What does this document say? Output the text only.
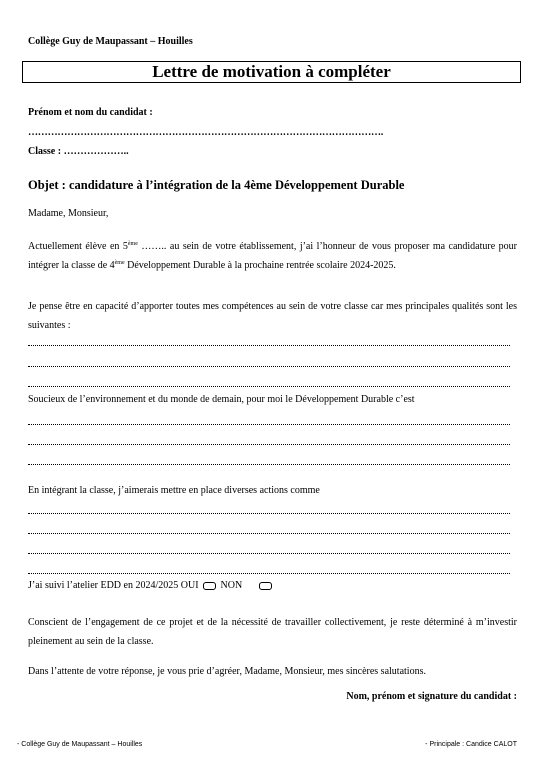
Collège Guy de Maupassant – Houilles
Lettre de motivation à compléter
Prénom et nom du candidat :
……………………………………………………………………………………………….
Classe : ………………..
Objet : candidature à l’intégration de la 4ème Développement Durable
Madame, Monsieur,
Actuellement élève en 5ème …….. au sein de votre établissement, j’ai l’honneur de vous proposer ma candidature pour intégrer la classe de 4ème Développement Durable à la prochaine rentrée scolaire 2024-2025.
Je pense être en capacité d’apporter toutes mes compétences au sein de votre classe car mes principales qualités sont les suivantes :
Soucieux de l’environnement et du monde de demain, pour moi le Développement Durable c’est
En intégrant la classe, j’aimerais mettre en place diverses actions comme
J’ai suivi l’atelier EDD en 2024/2025 OUI NON
Conscient de l’engagement de ce projet et de la nécessité de travailler collectivement, je reste déterminé à m’investir pleinement au sein de la classe.
Dans l’attente de votre réponse, je vous prie d’agréer, Madame, Monsieur, mes sincères salutations.
Nom, prénom et signature du candidat :
- Collège Guy de Maupassant – Houilles	- Principale : Candice CALOT
